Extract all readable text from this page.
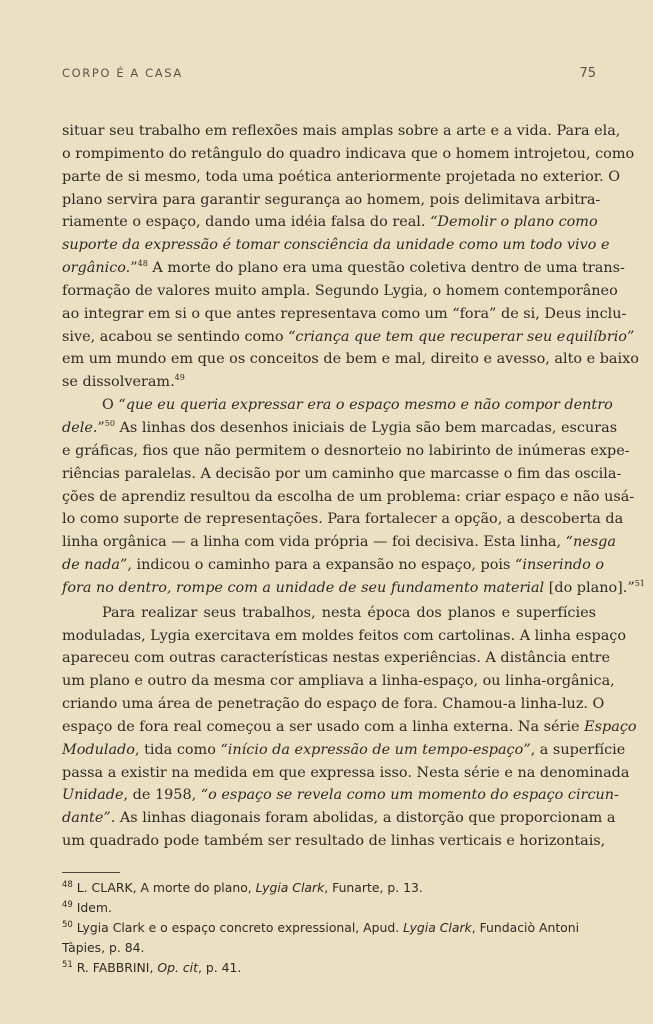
CORPO É A CASA	75
situar seu trabalho em reflexões mais amplas sobre a arte e a vida. Para ela,
o rompimento do retângulo do quadro indicava que o homem introjetou, como
parte de si mesmo, toda uma poética anteriormente projetada no exterior. O
plano servira para garantir segurança ao homem, pois delimitava arbitra-
riamente o espaço, dando uma idéia falsa do real. “Demolir o plano como
suporte da expressão é tomar consciência da unidade como um todo vivo e
orgânico.”$^{48}$ A morte do plano era uma questão coletiva dentro de uma trans-
formação de valores muito ampla. Segundo Lygia, o homem contemporâneo
ao integrar em si o que antes representava como um “fora” de si, Deus inclu-
sive, acabou se sentindo como “criança que tem que recuperar seu equilíbrio”
em um mundo em que os conceitos de bem e mal, direito e avesso, alto e baixo
se dissolveram.$^{49}$
O “que eu queria expressar era o espaço mesmo e não compor dentro
dele.”$^{50}$ As linhas dos desenhos iniciais de Lygia são bem marcadas, escuras
e gráficas, fios que não permitem o desnorteio no labirinto de inúmeras expe-
riências paralelas. A decisão por um caminho que marcasse o fim das oscila-
ções de aprendiz resultou da escolha de um problema: criar espaço e não usá-
lo como suporte de representações. Para fortalecer a opção, a descoberta da
linha orgânica — a linha com vida própria — foi decisiva. Esta linha, “nesga
de nada”, indicou o caminho para a expansão no espaço, pois “inserindo o
fora no dentro, rompe com a unidade de seu fundamento material [do plano].”$^{51}$
Para realizar seus trabalhos, nesta época dos planos e superfícies
moduladas, Lygia exercitava em moldes feitos com cartolinas. A linha espaço
apareceu com outras características nestas experiências. A distância entre
um plano e outro da mesma cor ampliava a linha-espaço, ou linha-orgânica,
criando uma área de penetração do espaço de fora. Chamou-a linha-luz. O
espaço de fora real começou a ser usado com a linha externa. Na série Espaço
Modulado, tida como “início da expressão de um tempo-espaço”, a superfície
passa a existir na medida em que expressa isso. Nesta série e na denominada
Unidade, de 1958, “o espaço se revela como um momento do espaço circun-
dante”. As linhas diagonais foram abolidas, a distorção que proporcionam a
um quadrado pode também ser resultado de linhas verticais e horizontais,
$^{48}$ L. CLARK, A morte do plano, Lygia Clark, Funarte, p. 13.
$^{49}$ Idem.
$^{50}$ Lygia Clark e o espaço concreto expressional, Apud. Lygia Clark, Fundaciò Antoni
Tàpies, p. 84.
$^{51}$ R. FABBRINI, Op. cit, p. 41.
